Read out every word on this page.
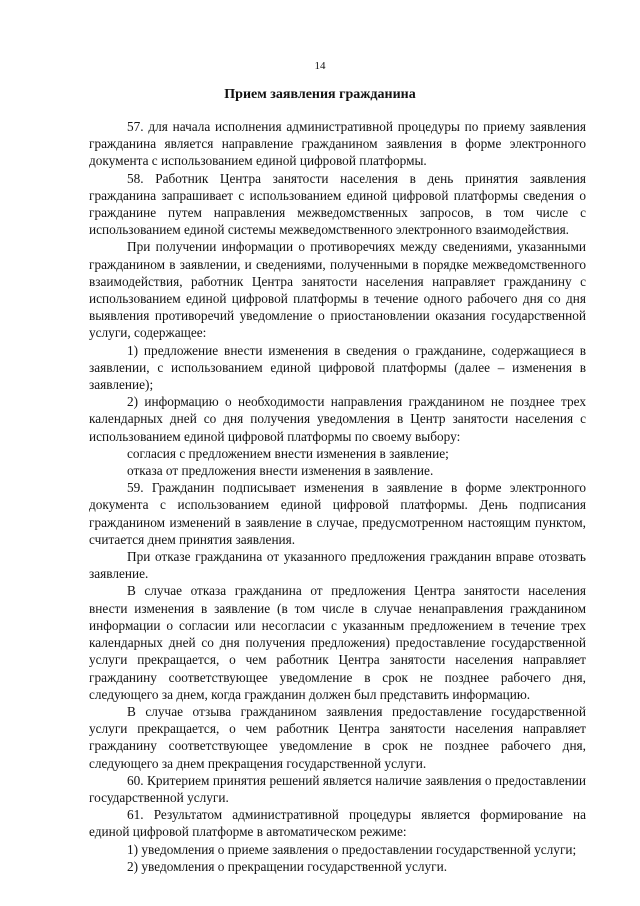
14
Прием заявления гражданина

57. для начала исполнения административной процедуры по приему заявления гражданина является направление гражданином заявления в форме электронного документа с использованием единой цифровой платформы.

58. Работник Центра занятости населения в день принятия заявления гражданина запрашивает с использованием единой цифровой платформы сведения о гражданине путем направления межведомственных запросов, в том числе с использованием единой системы межведомственного электронного взаимодействия.

При получении информации о противоречиях между сведениями, указанными гражданином в заявлении, и сведениями, полученными в порядке межведомственного взаимодействия, работник Центра занятости населения направляет гражданину с использованием единой цифровой платформы в течение одного рабочего дня со дня выявления противоречий уведомление о приостановлении оказания государственной услуги, содержащее:

1) предложение внести изменения в сведения о гражданине, содержащиеся в заявлении, с использованием единой цифровой платформы (далее – изменения в заявление);

2) информацию о необходимости направления гражданином не позднее трех календарных дней со дня получения уведомления в Центр занятости населения с использованием единой цифровой платформы по своему выбору:

согласия с предложением внести изменения в заявление;

отказа от предложения внести изменения в заявление.

59. Гражданин подписывает изменения в заявление в форме электронного документа с использованием единой цифровой платформы. День подписания гражданином изменений в заявление в случае, предусмотренном настоящим пунктом, считается днем принятия заявления.

При отказе гражданина от указанного предложения гражданин вправе отозвать заявление.

В случае отказа гражданина от предложения Центра занятости населения внести изменения в заявление (в том числе в случае ненаправления гражданином информации о согласии или несогласии с указанным предложением в течение трех календарных дней со дня получения предложения) предоставление государственной услуги прекращается, о чем работник Центра занятости населения направляет гражданину соответствующее уведомление в срок не позднее рабочего дня, следующего за днем, когда гражданин должен был представить информацию.

В случае отзыва гражданином заявления предоставление государственной услуги прекращается, о чем работник Центра занятости населения направляет гражданину соответствующее уведомление в срок не позднее рабочего дня, следующего за днем прекращения государственной услуги.

60. Критерием принятия решений является наличие заявления о предоставлении государственной услуги.

61. Результатом административной процедуры является формирование на единой цифровой платформе в автоматическом режиме:

1) уведомления о приеме заявления о предоставлении государственной услуги;

2) уведомления о прекращении государственной услуги.
